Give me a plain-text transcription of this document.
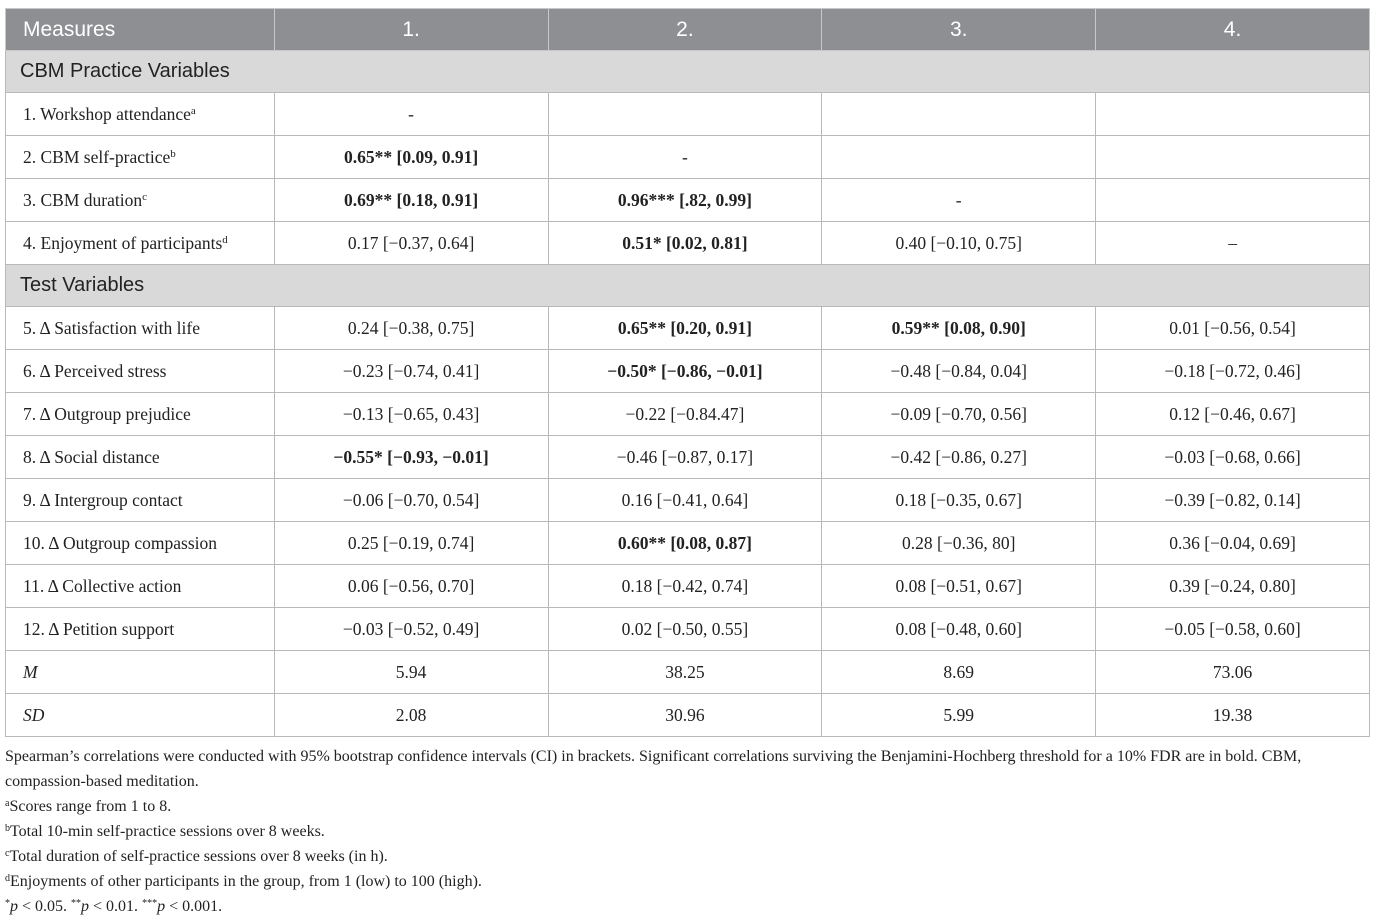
Measures	1.	2.	3.	4.
CBM Practice Variables				
1. Workshop attendance$^a$	-			
2. CBM self-practice$^b$	0.65** [0.09, 0.91]	-		
3. CBM duration$^c$	0.69** [0.18, 0.91]	0.96*** [.82, 0.99]	-	
4. Enjoyment of participants$^d$	0.17 [−0.37, 0.64]	0.51* [0.02, 0.81]	0.40 [−0.10, 0.75]	–
Test Variables				
5. Δ Satisfaction with life	0.24 [−0.38, 0.75]	0.65** [0.20, 0.91]	0.59** [0.08, 0.90]	0.01 [−0.56, 0.54]
6. Δ Perceived stress	−0.23 [−0.74, 0.41]	−0.50* [−0.86, −0.01]	−0.48 [−0.84, 0.04]	−0.18 [−0.72, 0.46]
7. Δ Outgroup prejudice	−0.13 [−0.65, 0.43]	−0.22 [−0.84.47]	−0.09 [−0.70, 0.56]	0.12 [−0.46, 0.67]
8. Δ Social distance	−0.55* [−0.93, −0.01]	−0.46 [−0.87, 0.17]	−0.42 [−0.86, 0.27]	−0.03 [−0.68, 0.66]
9. Δ Intergroup contact	−0.06 [−0.70, 0.54]	0.16 [−0.41, 0.64]	0.18 [−0.35, 0.67]	−0.39 [−0.82, 0.14]
10. Δ Outgroup compassion	0.25 [−0.19, 0.74]	0.60** [0.08, 0.87]	0.28 [−0.36, 80]	0.36 [−0.04, 0.69]
11. Δ Collective action	0.06 [−0.56, 0.70]	0.18 [−0.42, 0.74]	0.08 [−0.51, 0.67]	0.39 [−0.24, 0.80]
12. Δ Petition support	−0.03 [−0.52, 0.49]	0.02 [−0.50, 0.55]	0.08 [−0.48, 0.60]	−0.05 [−0.58, 0.60]
M	5.94	38.25	8.69	73.06
SD	2.08	30.96	5.99	19.38

Spearman’s correlations were conducted with 95% bootstrap confidence intervals (CI) in brackets. Significant correlations surviving the Benjamini-Hochberg threshold for a 10% FDR are in bold. CBM, compassion-based meditation.

$^a$Scores range from 1 to 8.

$^b$Total 10-min self-practice sessions over 8 weeks.

$^c$Total duration of self-practice sessions over 8 weeks (in h).

$^d$Enjoyments of other participants in the group, from 1 (low) to 100 (high).

*p < 0.05. **p < 0.01. ***p < 0.001.
